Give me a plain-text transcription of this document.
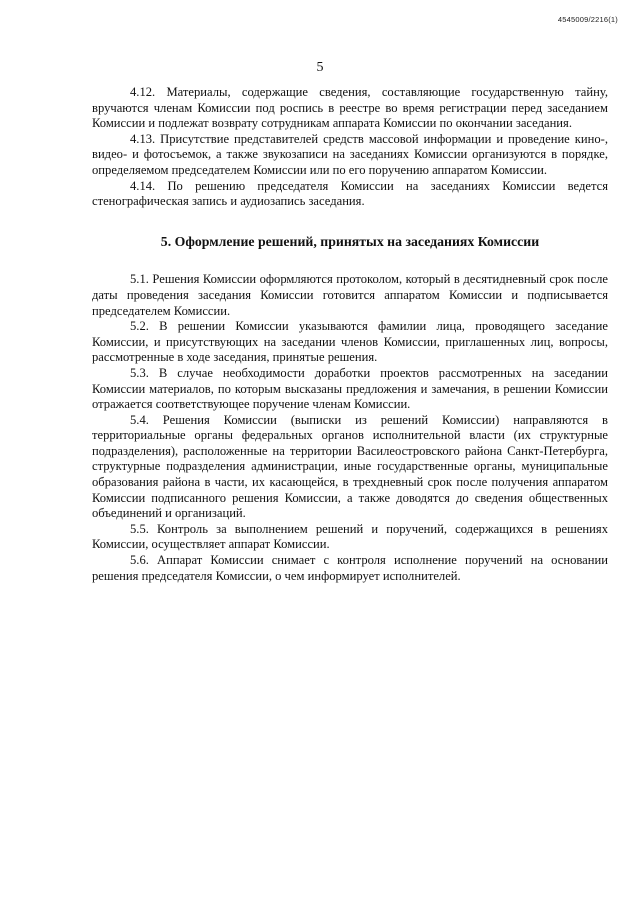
4545009/2216(1)
5

4.12. Материалы, содержащие сведения, составляющие государственную тайну, вручаются членам Комиссии под роспись в реестре во время регистрации перед заседанием Комиссии и подлежат возврату сотрудникам аппарата Комиссии по окончании заседания.

4.13. Присутствие представителей средств массовой информации и проведение кино-, видео- и фотосъемок, а также звукозаписи на заседаниях Комиссии организуются в порядке, определяемом председателем Комиссии или по его поручению аппаратом Комиссии.

4.14. По решению председателя Комиссии на заседаниях Комиссии ведется стенографическая запись и аудиозапись заседания.

5. Оформление решений, принятых на заседаниях Комиссии

5.1. Решения Комиссии оформляются протоколом, который в десятидневный срок после даты проведения заседания Комиссии готовится аппаратом Комиссии и подписывается председателем Комиссии.

5.2. В решении Комиссии указываются фамилии лица, проводящего заседание Комиссии, и присутствующих на заседании членов Комиссии, приглашенных лиц, вопросы, рассмотренные в ходе заседания, принятые решения.

5.3. В случае необходимости доработки проектов рассмотренных на заседании Комиссии материалов, по которым высказаны предложения и замечания, в решении Комиссии отражается соответствующее поручение членам Комиссии.

5.4. Решения Комиссии (выписки из решений Комиссии) направляются в территориальные органы федеральных органов исполнительной власти (их структурные подразделения), расположенные на территории Василеостровского района Санкт-Петербурга, структурные подразделения администрации, иные государственные органы, муниципальные образования района в части, их касающейся, в трехдневный срок после получения аппаратом Комиссии подписанного решения Комиссии, а также доводятся до сведения общественных объединений и организаций.

5.5. Контроль за выполнением решений и поручений, содержащихся в решениях Комиссии, осуществляет аппарат Комиссии.

5.6. Аппарат Комиссии снимает с контроля исполнение поручений на основании решения председателя Комиссии, о чем информирует исполнителей.
